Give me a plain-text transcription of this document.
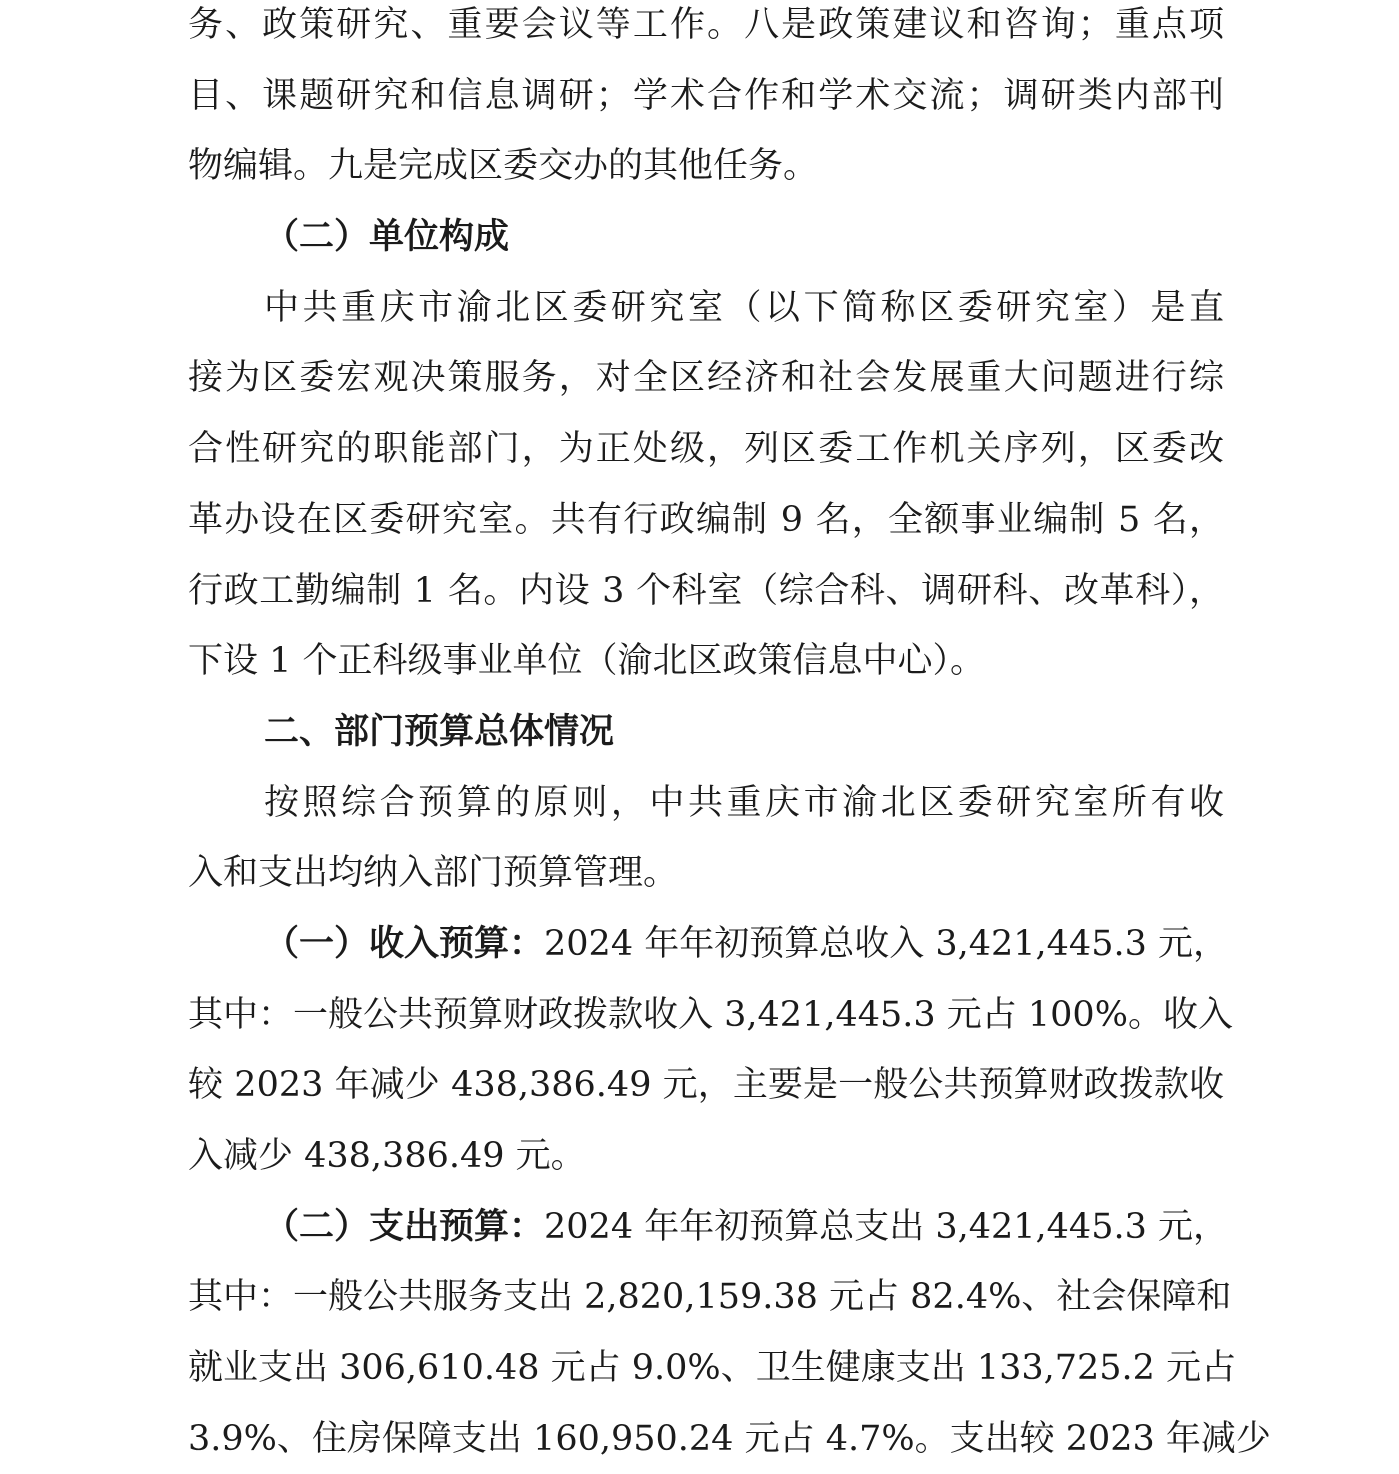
务、政策研究、重要会议等工作。八是政策建议和咨询；重点项
目、课题研究和信息调研；学术合作和学术交流；调研类内部刊
物编辑。九是完成区委交办的其他任务。
（二）单位构成
中共重庆市渝北区委研究室（以下简称区委研究室）是直
接为区委宏观决策服务，对全区经济和社会发展重大问题进行综
合性研究的职能部门，为正处级，列区委工作机关序列，区委改
革办设在区委研究室。共有行政编制 9 名，全额事业编制 5 名，
行政工勤编制 1 名。内设 3 个科室（综合科、调研科、改革科），
下设 1 个正科级事业单位（渝北区政策信息中心）。
二、部门预算总体情况
按照综合预算的原则，中共重庆市渝北区委研究室所有收
入和支出均纳入部门预算管理。
（一）收入预算：2024 年年初预算总收入 3,421,445.3 元，
其中：一般公共预算财政拨款收入 3,421,445.3 元占 100%。收入
较 2023 年减少 438,386.49 元，主要是一般公共预算财政拨款收
入减少 438,386.49 元。
（二）支出预算：2024 年年初预算总支出 3,421,445.3 元，
其中：一般公共服务支出 2,820,159.38 元占 82.4%、社会保障和
就业支出 306,610.48 元占 9.0%、卫生健康支出 133,725.2 元占
3.9%、住房保障支出 160,950.24 元占 4.7%。支出较 2023 年减少
